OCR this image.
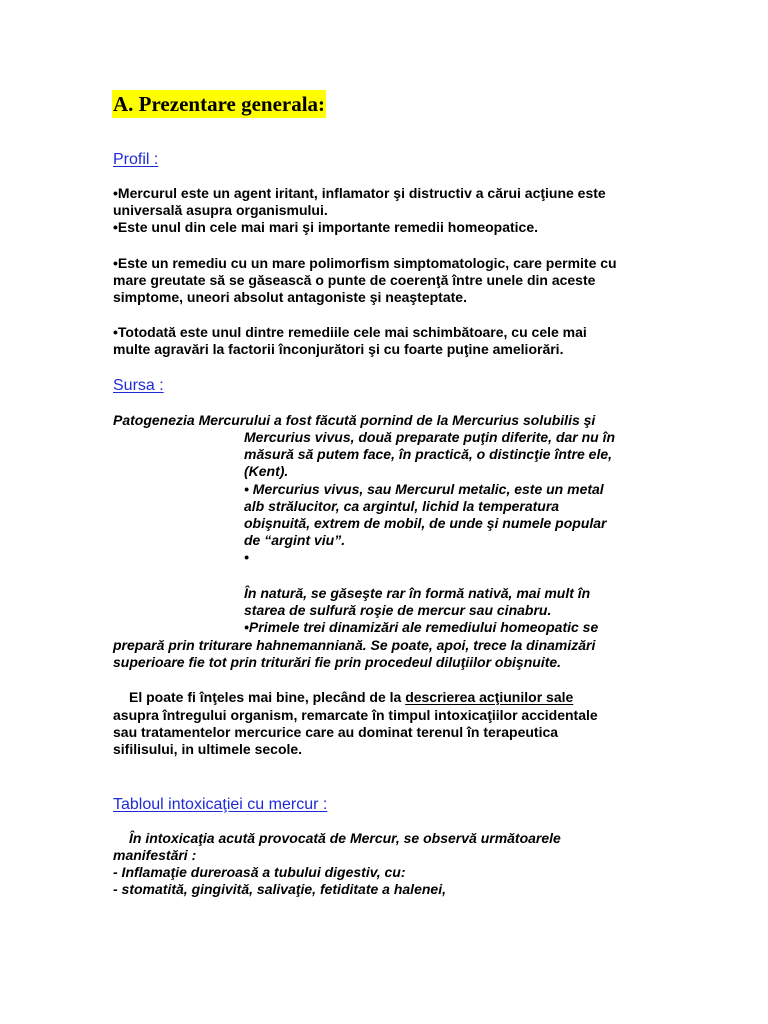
A. Prezentare generala:
Profil :
•Mercurul este un agent iritant, inflamator şi distructiv a cărui acţiune este
universală asupra organismului.
•Este unul din cele mai mari şi importante remedii homeopatice.
•Este un remediu cu un mare polimorfism simptomatologic, care permite cu
mare greutate să se găsească o punte de coerenţă între unele din aceste
simptome, uneori absolut antagoniste şi neaşteptate.
•Totodată este unul dintre remediile cele mai schimbătoare, cu cele mai
multe agravări la factorii înconjurători şi cu foarte puţine ameliorări.
Sursa :
Patogenezia Mercurului a fost făcută pornind de la Mercurius solubilis şi
Mercurius vivus, două preparate puţin diferite, dar nu în
măsură să putem face, în practică, o distincţie între ele,
(Kent).
• Mercurius vivus, sau Mercurul metalic, este un metal
alb strălucitor, ca argintul, lichid la temperatura
obişnuită, extrem de mobil, de unde şi numele popular
de “argint viu”.
•
În natură, se găseşte rar în formă nativă, mai mult în
starea de sulfură roşie de mercur sau cinabru.
•Primele trei dinamizări ale remediului homeopatic se
prepară prin triturare hahnemanniană. Se poate, apoi, trece la dinamizări
superioare fie tot prin triturări fie prin procedeul diluţiilor obişnuite.
El poate fi înţeles mai bine, plecând de la descrierea acţiunilor sale
asupra întregului organism, remarcate în timpul intoxicaţiilor accidentale
sau tratamentelor mercurice care au dominat terenul în terapeutica
sifilisului, in ultimele secole.
Tabloul intoxicaţiei cu mercur :
În intoxicaţia acută provocată de Mercur, se observă următoarele
manifestări :
- Inflamaţie dureroasă a tubului digestiv, cu:
- stomatită, gingivită, salivaţie, fetiditate a halenei,
